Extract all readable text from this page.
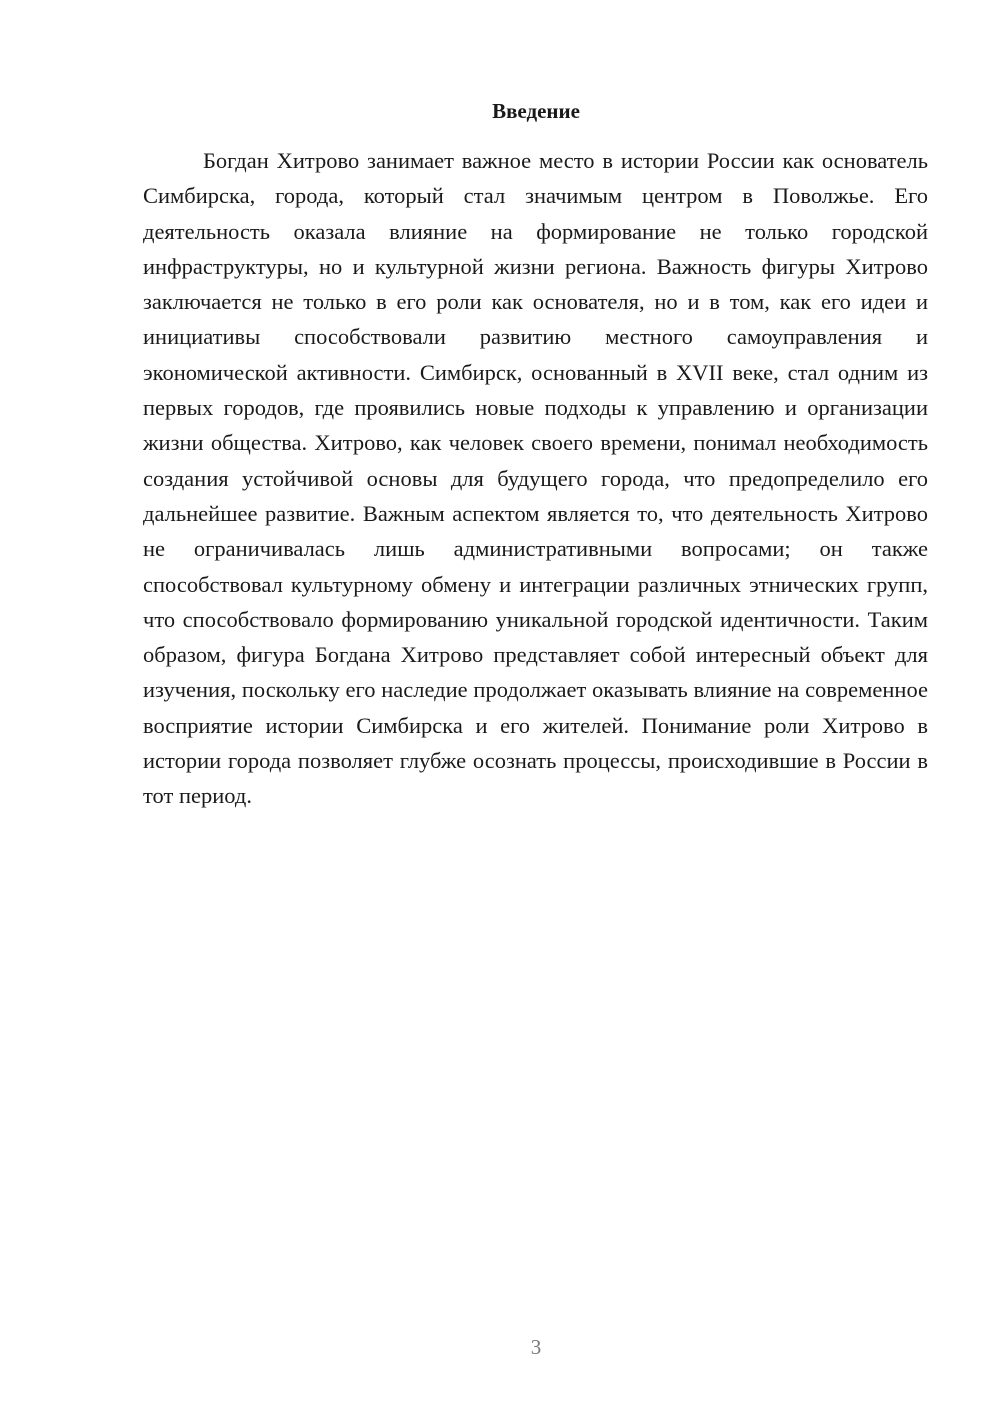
Введение

Богдан Хитрово занимает важное место в истории России как основатель Симбирска, города, который стал значимым центром в Поволжье. Его деятельность оказала влияние на формирование не только городской инфраструктуры, но и культурной жизни региона. Важность фигуры Хитрово заключается не только в его роли как основателя, но и в том, как его идеи и инициативы способствовали развитию местного самоуправления и экономической активности. Симбирск, основанный в XVII веке, стал одним из первых городов, где проявились новые подходы к управлению и организации жизни общества. Хитрово, как человек своего времени, понимал необходимость создания устойчивой основы для будущего города, что предопределило его дальнейшее развитие. Важным аспектом является то, что деятельность Хитрово не ограничивалась лишь административными вопросами; он также способствовал культурному обмену и интеграции различных этнических групп, что способствовало формированию уникальной городской идентичности. Таким образом, фигура Богдана Хитрово представляет собой интересный объект для изучения, поскольку его наследие продолжает оказывать влияние на современное восприятие истории Симбирска и его жителей. Понимание роли Хитрово в истории города позволяет глубже осознать процессы, происходившие в России в тот период.

3
